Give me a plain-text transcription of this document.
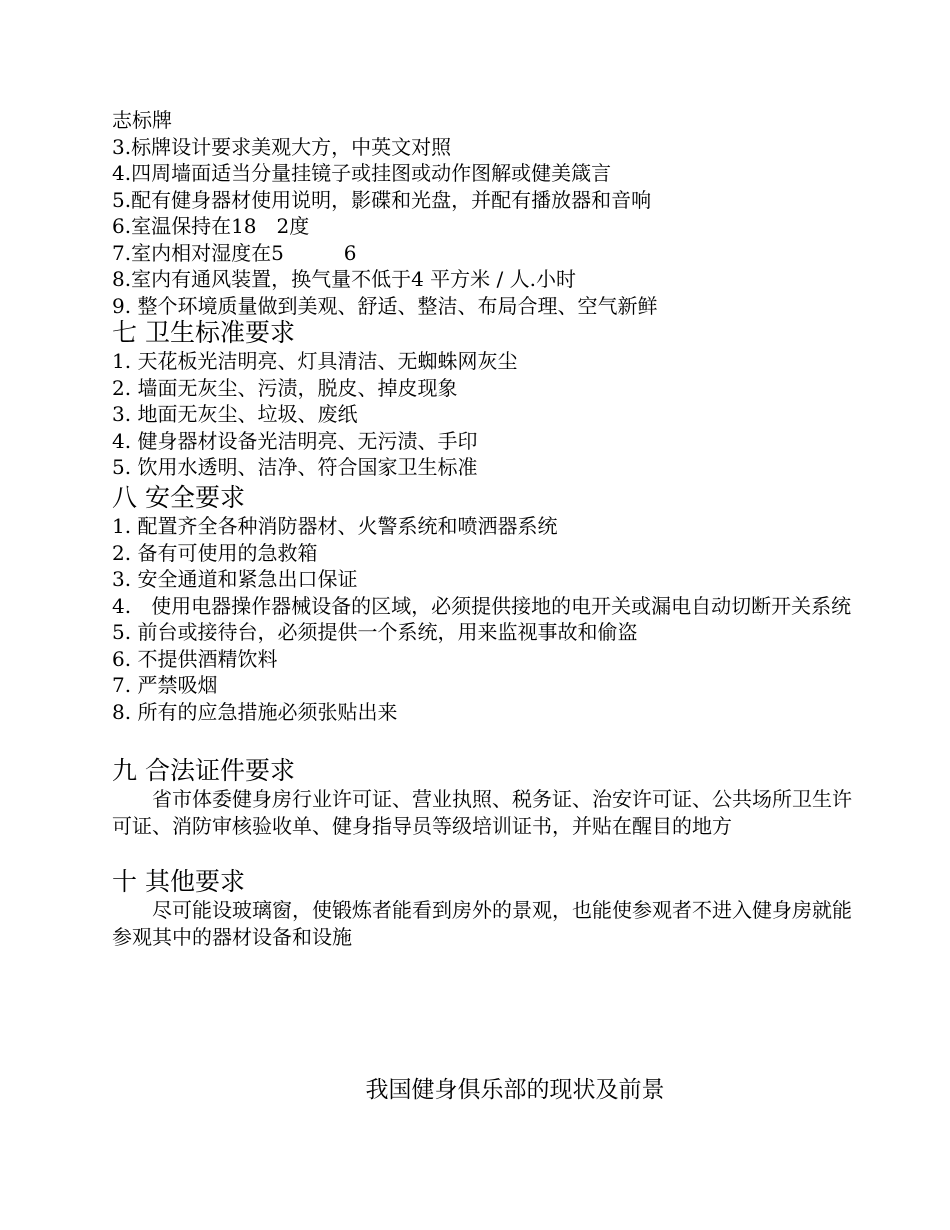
志标牌
3.标牌设计要求美观大方，中英文对照
4.四周墙面适当分量挂镜子或挂图或动作图解或健美箴言
5.配有健身器材使用说明，影碟和光盘，并配有播放器和音响
6.室温保持在18　2度
7.室内相对湿度在5　　　6
8.室内有通风装置，换气量不低于4 平方米 / 人.小时
9. 整个环境质量做到美观、舒适、整洁、布局合理、空气新鲜
七 卫生标准要求
1. 天花板光洁明亮、灯具清洁、无蜘蛛网灰尘
2. 墙面无灰尘、污渍，脱皮、掉皮现象
3. 地面无灰尘、垃圾、废纸
4. 健身器材设备光洁明亮、无污渍、手印
5. 饮用水透明、洁净、符合国家卫生标准
八 安全要求
1. 配置齐全各种消防器材、火警系统和喷洒器系统
2. 备有可使用的急救箱
3. 安全通道和紧急出口保证
4.　使用电器操作器械设备的区域，必须提供接地的电开关或漏电自动切断开关系统
5. 前台或接待台，必须提供一个系统，用来监视事故和偷盗
6. 不提供酒精饮料
7. 严禁吸烟
8. 所有的应急措施必须张贴出来
九 合法证件要求
省市体委健身房行业许可证、营业执照、税务证、治安许可证、公共场所卫生许可证、消防审核验收单、健身指导员等级培训证书，并贴在醒目的地方
十 其他要求
尽可能设玻璃窗，使锻炼者能看到房外的景观，也能使参观者不进入健身房就能参观其中的器材设备和设施
我国健身俱乐部的现状及前景
